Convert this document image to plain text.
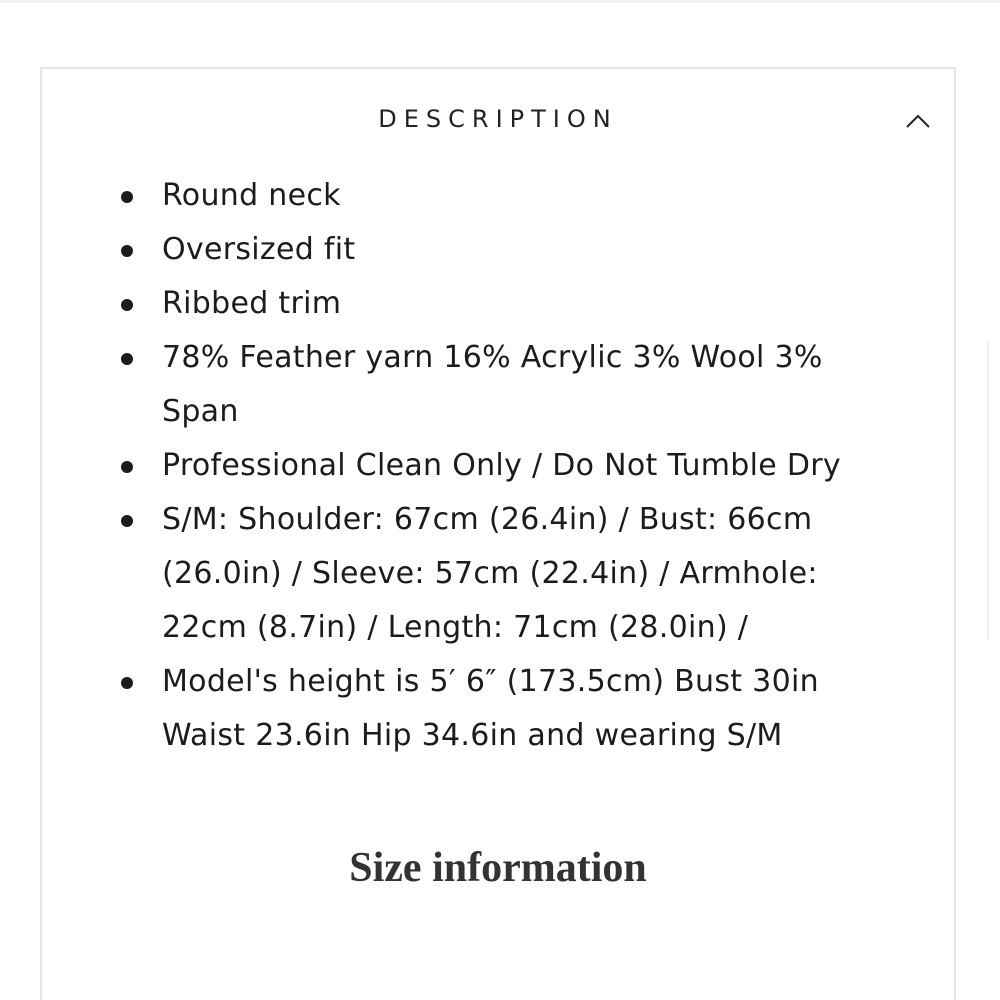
DESCRIPTION
Round neck
Oversized fit
Ribbed trim
78% Feather yarn 16% Acrylic 3% Wool 3% Span
Professional Clean Only / Do Not Tumble Dry
S/M: Shoulder: 67cm (26.4in) / Bust: 66cm (26.0in) / Sleeve: 57cm (22.4in) / Armhole: 22cm (8.7in) / Length: 71cm (28.0in) /
Model's height is 5′ 6″ (173.5cm) Bust 30in Waist 23.6in Hip 34.6in and wearing S/M
Size information
